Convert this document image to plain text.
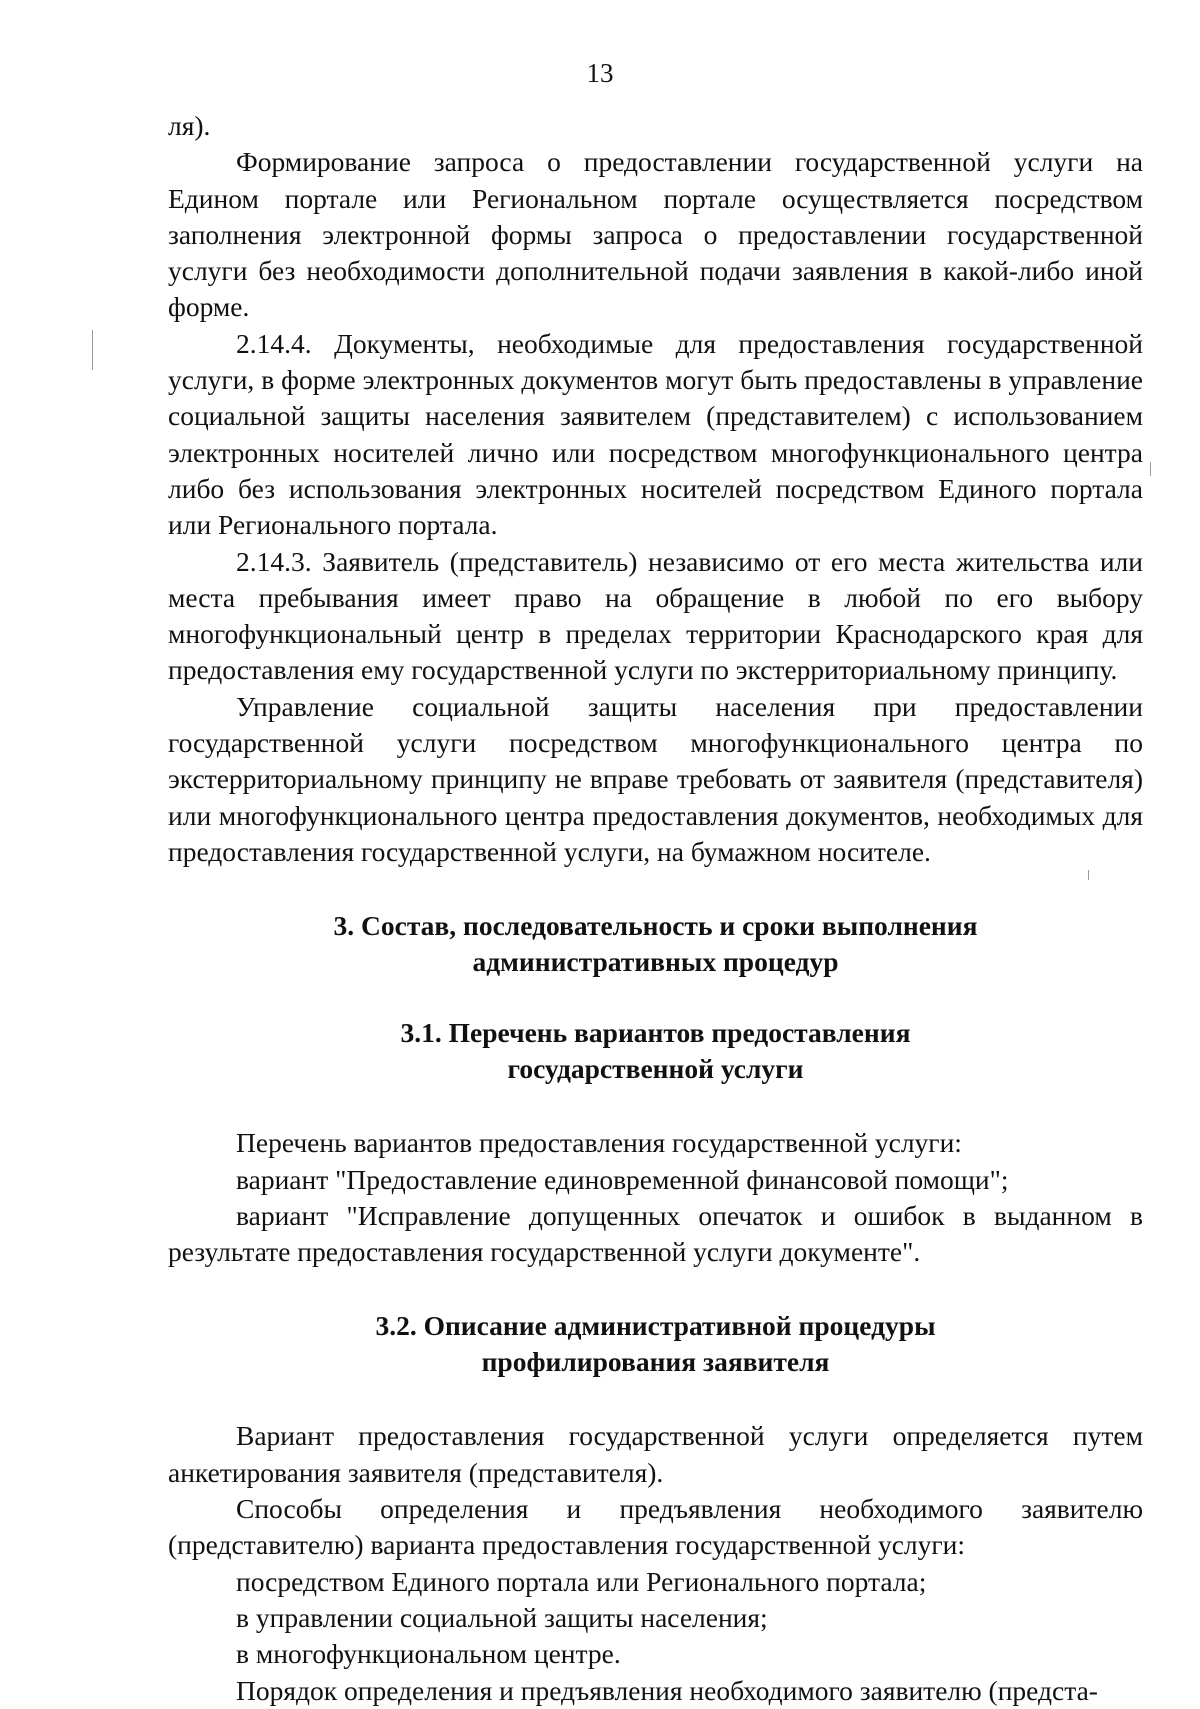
13

ля).

Формирование запроса о предоставлении государственной услуги на Едином портале или Региональном портале осуществляется посредством заполнения электронной формы запроса о предоставлении государственной услуги без необходимости дополнительной подачи заявления в какой-либо иной форме.

2.14.4. Документы, необходимые для предоставления государственной услуги, в форме электронных документов могут быть предоставлены в управление социальной защиты населения заявителем (представителем) с использованием электронных носителей лично или посредством многофункционального центра либо без использования электронных носителей посредством Единого портала или Регионального портала.

2.14.3. Заявитель (представитель) независимо от его места жительства или места пребывания имеет право на обращение в любой по его выбору многофункциональный центр в пределах территории Краснодарского края для предоставления ему государственной услуги по экстерриториальному принципу.

Управление социальной защиты населения при предоставлении государственной услуги посредством многофункционального центра по экстерриториальному принципу не вправе требовать от заявителя (представителя) или многофункционального центра предоставления документов, необходимых для предоставления государственной услуги, на бумажном носителе.

3. Состав, последовательность и сроки выполнения
административных процедур
3.1. Перечень вариантов предоставления
государственной услуги

Перечень вариантов предоставления государственной услуги:

вариант "Предоставление единовременной финансовой помощи";

вариант "Исправление допущенных опечаток и ошибок в выданном в результате предоставления государственной услуги документе".

3.2. Описание административной процедуры
профилирования заявителя

Вариант предоставления государственной услуги определяется путем анкетирования заявителя (представителя).

Способы определения и предъявления необходимого заявителю (представителю) варианта предоставления государственной услуги:

посредством Единого портала или Регионального портала;

в управлении социальной защиты населения;

в многофункциональном центре.

Порядок определения и предъявления необходимого заявителю (предста-
